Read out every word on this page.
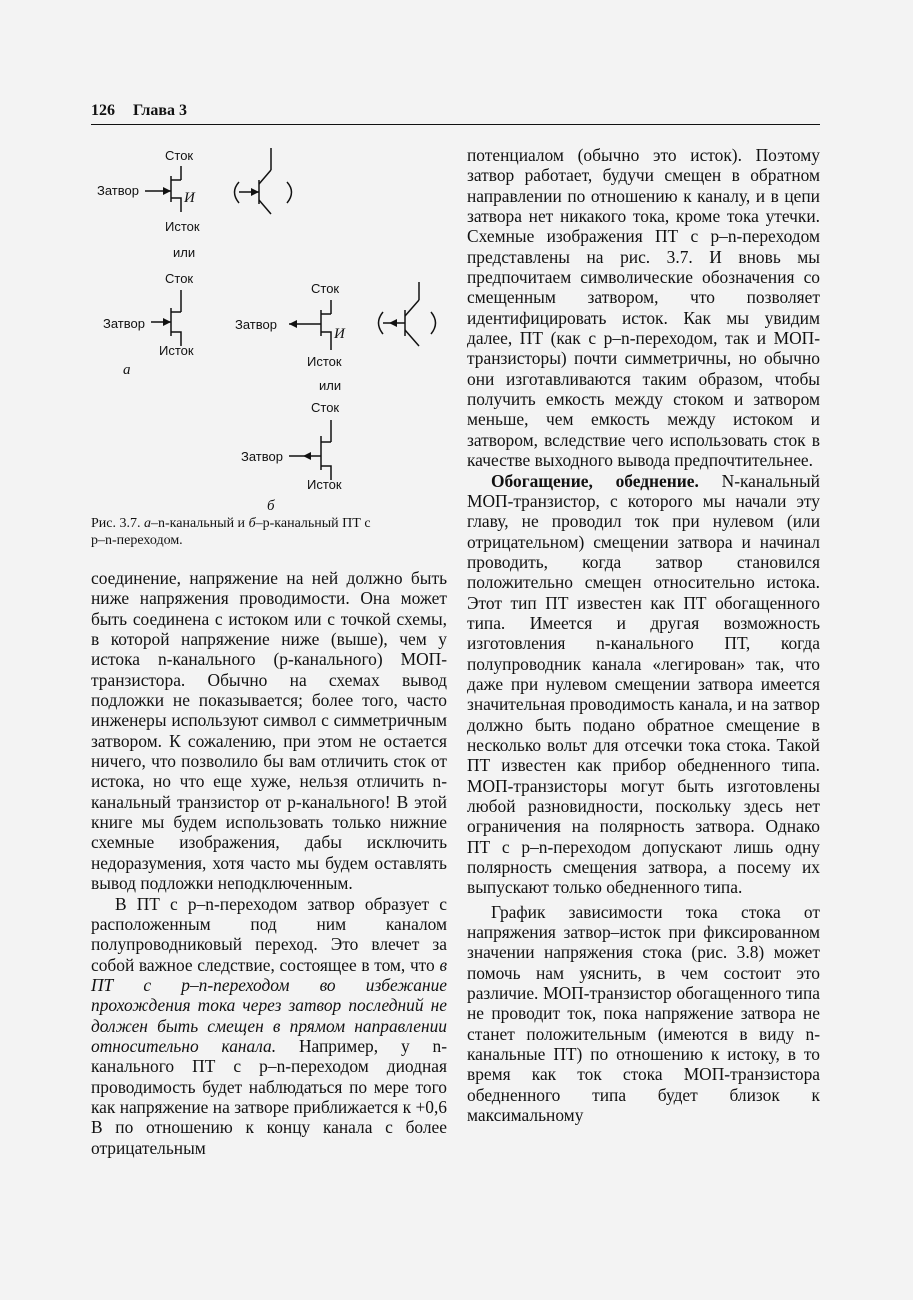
126 Глава 3
Сток
Затвор	И
Исток
или
Сток
Затвор
Исток
а
Сток
Затвор
И
Исток
или
Сток
Затвор
Исток
б
Рис. 3.7. а–n-канальный и б–p-канальный ПТ с
p–n-переходом.

соединение, напряжение на ней должно быть ниже напряжения проводимости. Она может быть соединена с истоком или с точкой схемы, в которой напряжение ниже (выше), чем у истока n-канального (p-канального) МОП-транзистора. Обычно на схемах вывод подложки не показывается; более того, часто инженеры используют символ с симметричным затвором. К сожалению, при этом не остается ничего, что позволило бы вам отличить сток от истока, но что еще хуже, нельзя отличить n-канальный транзистор от p-канального! В этой книге мы будем использовать только нижние схемные изображения, дабы исключить недоразумения, хотя часто мы будем оставлять вывод подложки неподключенным.

В ПТ с p–n-переходом затвор образует с расположенным под ним каналом полупроводниковый переход. Это влечет за собой важное следствие, состоящее в том, что в ПТ с p–n-переходом во избежание прохождения тока через затвор последний не должен быть смещен в прямом направлении относительно канала. Например, у n-канального ПТ с p–n-переходом диодная проводимость будет наблюдаться по мере того как напряжение на затворе приближается к +0,6 В по отношению к концу канала с более отрицательным

потенциалом (обычно это исток). Поэтому затвор работает, будучи смещен в обратном направлении по отношению к каналу, и в цепи затвора нет никакого тока, кроме тока утечки. Схемные изображения ПТ с p–n-переходом представлены на рис. 3.7. И вновь мы предпочитаем символические обозначения со смещенным затвором, что позволяет идентифицировать исток. Как мы увидим далее, ПТ (как с p–n-переходом, так и МОП-транзисторы) почти симметричны, но обычно они изготавливаются таким образом, чтобы получить емкость между стоком и затвором меньше, чем емкость между истоком и затвором, вследствие чего использовать сток в качестве выходного вывода предпочтительнее.

Обогащение, обеднение. N-канальный МОП-транзистор, с которого мы начали эту главу, не проводил ток при нулевом (или отрицательном) смещении затвора и начинал проводить, когда затвор становился положительно смещен относительно истока. Этот тип ПТ известен как ПТ обогащенного типа. Имеется и другая возможность изготовления n-канального ПТ, когда полупроводник канала «легирован» так, что даже при нулевом смещении затвора имеется значительная проводимость канала, и на затвор должно быть подано обратное смещение в несколько вольт для отсечки тока стока. Такой ПТ известен как прибор обедненного типа. МОП-транзисторы могут быть изготовлены любой разновидности, поскольку здесь нет ограничения на полярность затвора. Однако ПТ с p–n-переходом допускают лишь одну полярность смещения затвора, а посему их выпускают только обедненного типа.

График зависимости тока стока от напряжения затвор–исток при фиксированном значении напряжения стока (рис. 3.8) может помочь нам уяснить, в чем состоит это различие. МОП-транзистор обогащенного типа не проводит ток, пока напряжение затвора не станет положительным (имеются в виду n-канальные ПТ) по отношению к истоку, в то время как ток стока МОП-транзистора обедненного типа будет близок к максимальному
